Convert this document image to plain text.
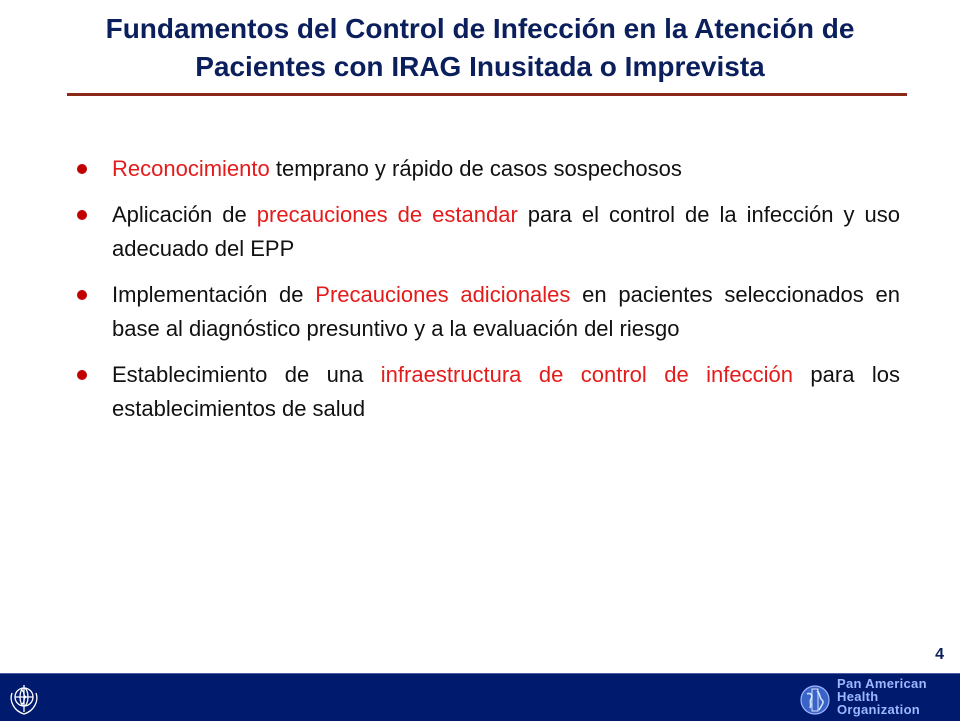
Fundamentos del Control de Infección en la Atención de Pacientes con IRAG Inusitada o Imprevista
Reconocimiento temprano y rápido de casos sospechosos
Aplicación de precauciones de estandar para el control de la infección y uso adecuado del EPP
Implementación de Precauciones adicionales en pacientes seleccionados en base al diagnóstico presuntivo y a la evaluación del riesgo
Establecimiento de una infraestructura de control de infección para los establecimientos de salud
4
Pan American
Health
Organization
